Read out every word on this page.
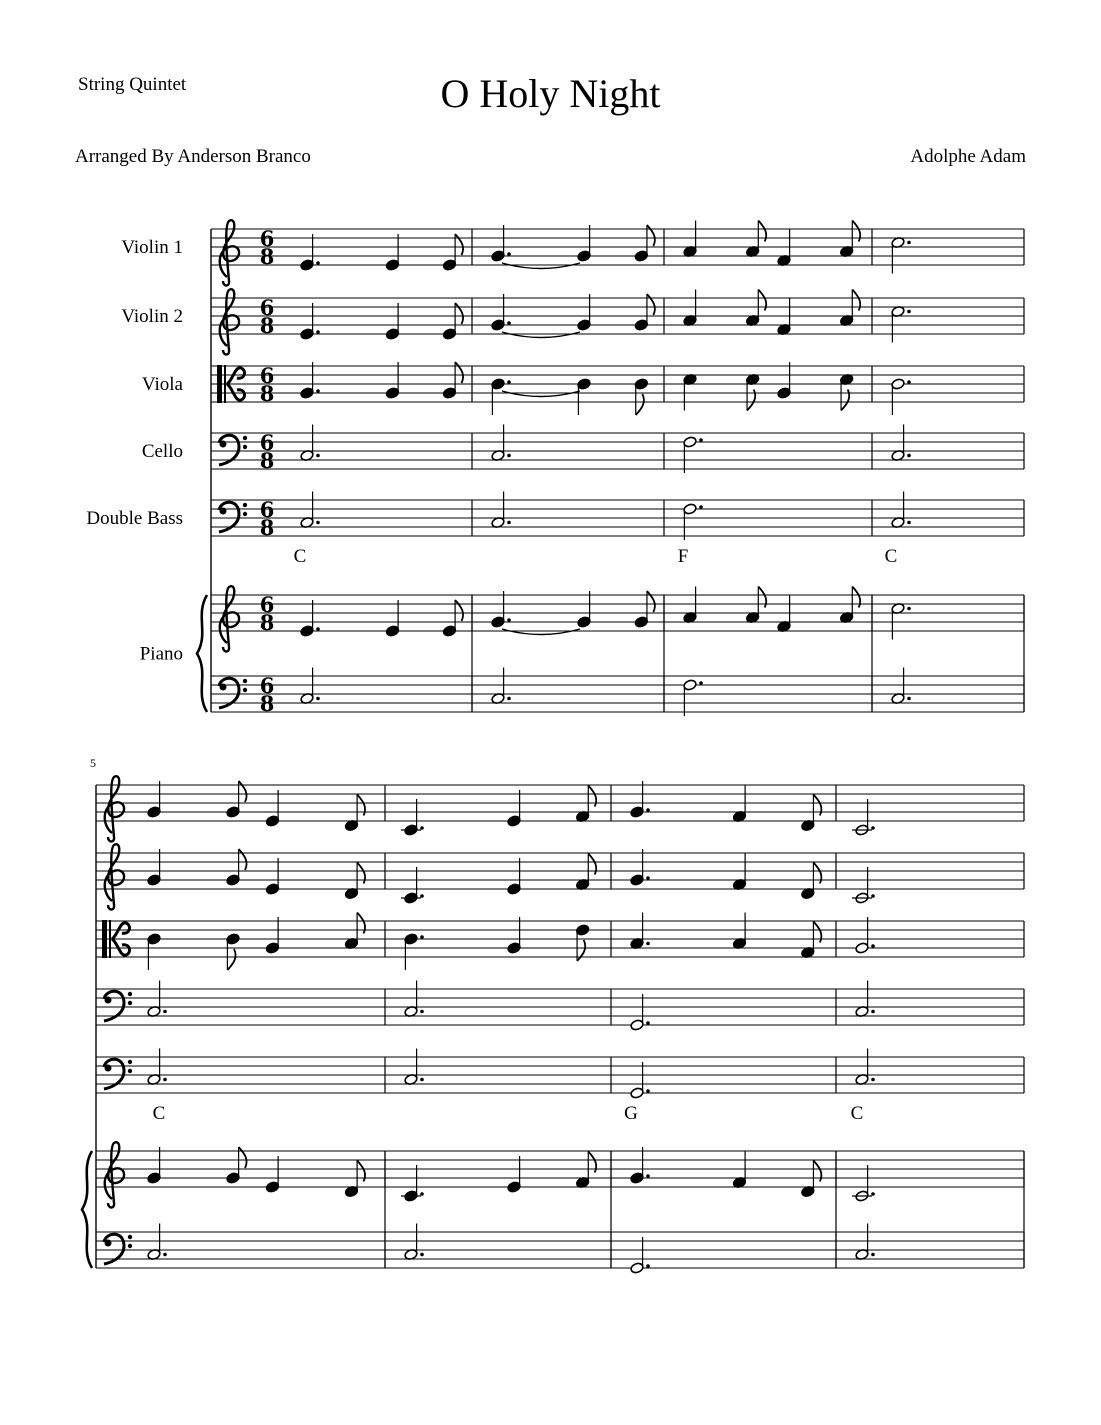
String Quintet	O Holy Night
Arranged By Anderson Branco	Adolphe Adam
6
8
6
8
6
8
6
8
6
8
6
8
6
8
C	F	C
Violin 1
Violin 2
Viola
Cello
Double Bass
Piano
C	G	C
5
